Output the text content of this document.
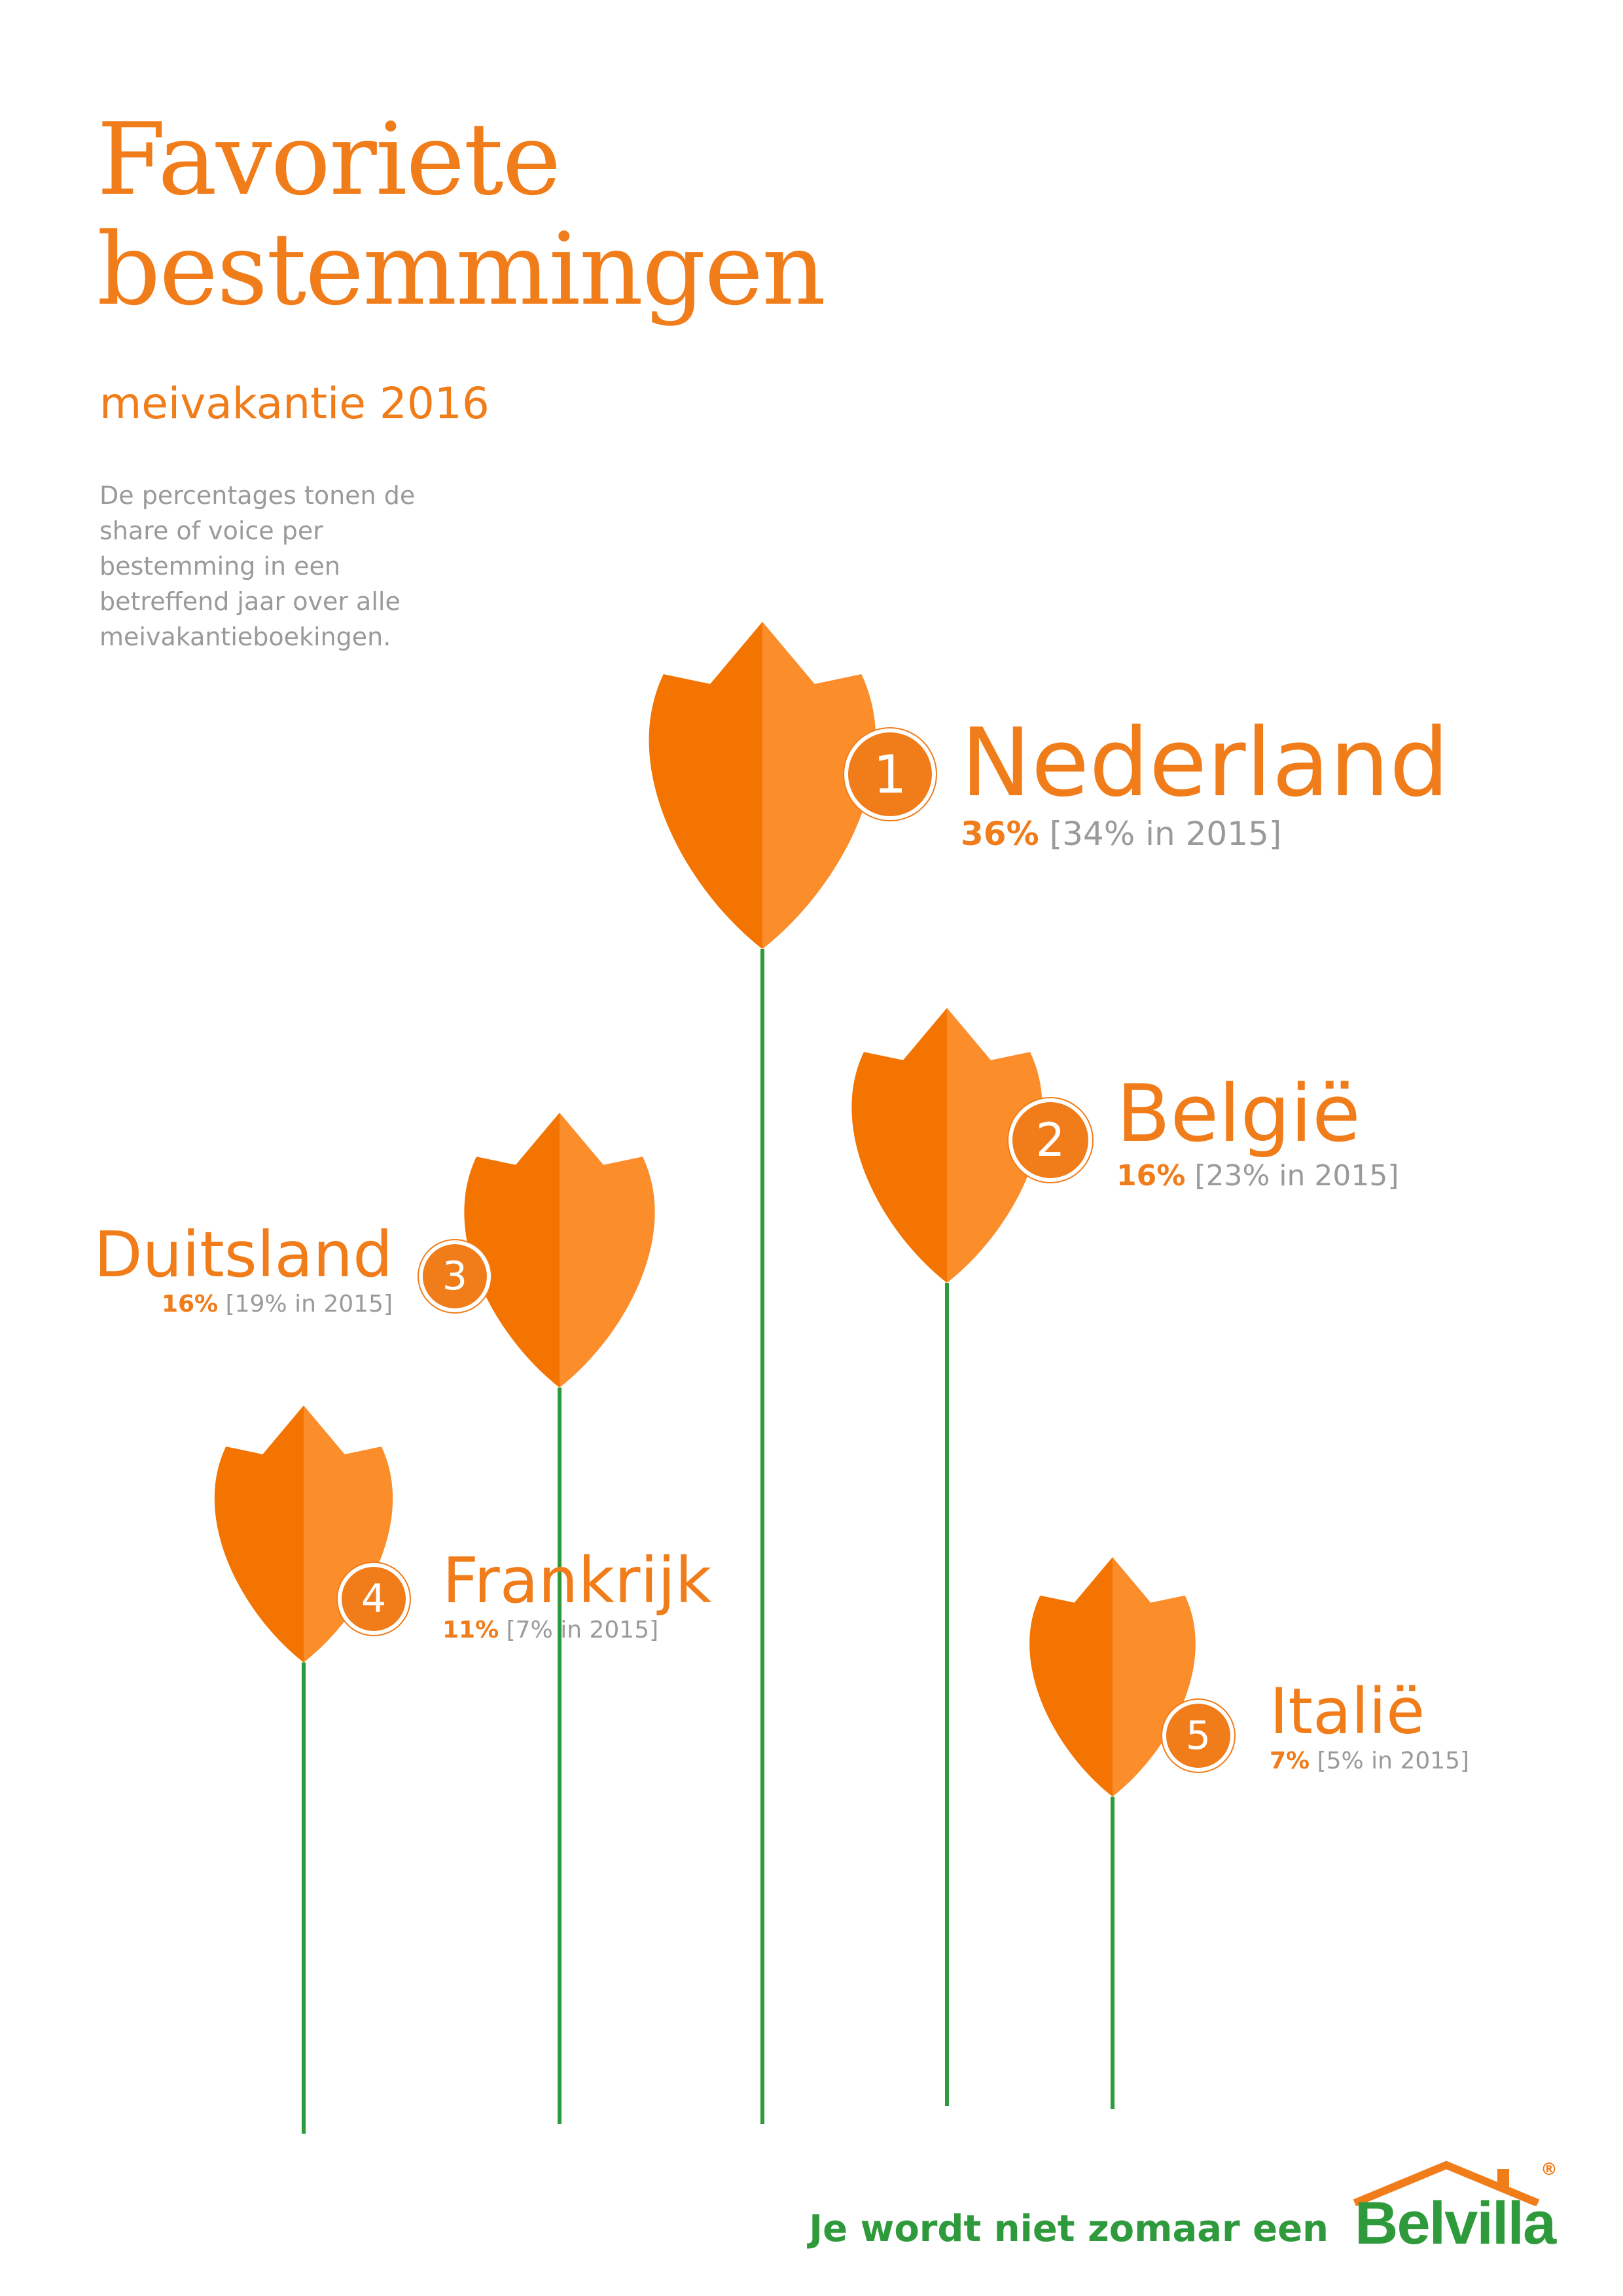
Favoriete
bestemmingen
meivakantie 2016
De percentages tonen de share of voice per bestemming in een betreffend jaar over alle meivakantieboekingen.
1 Nederland
36% [34% in 2015]
2 België
16% [23% in 2015]
3
Duitsland
16% [19% in 2015]
4 Frankrijk
11% [7% in 2015]
5 Italië
7% [5% in 2015]
Je wordt niet zomaar een
®
Belvilla
